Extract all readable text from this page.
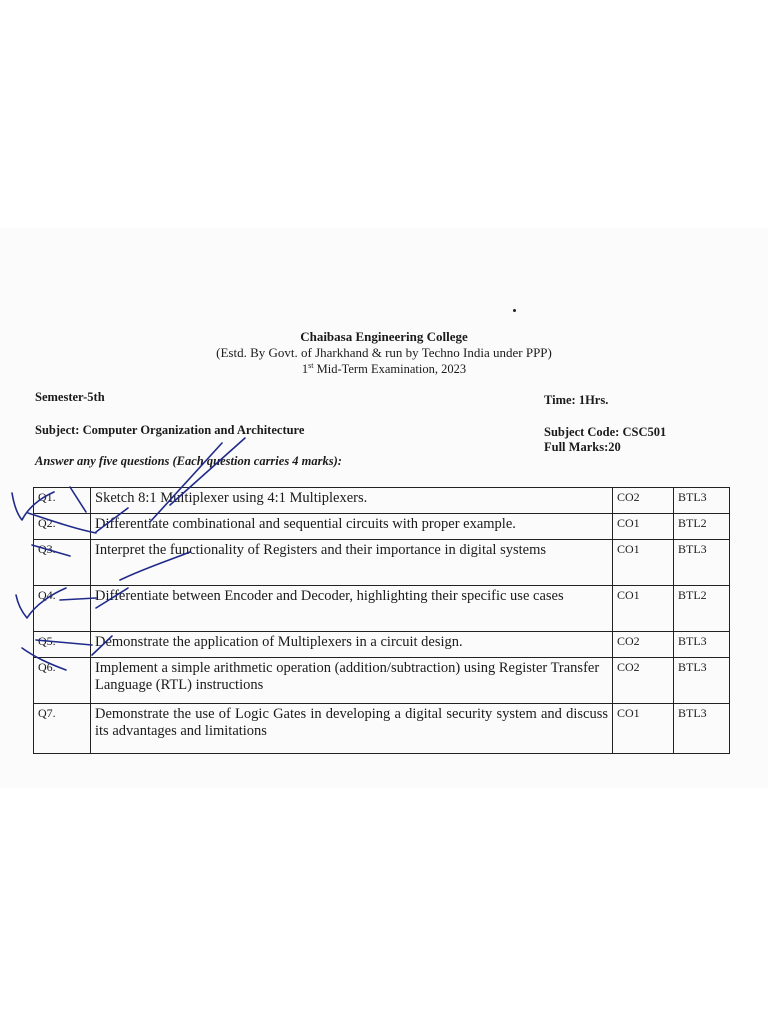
Chaibasa Engineering College
(Estd. By Govt. of Jharkhand & run by Techno India under PPP)
1st Mid-Term Examination, 2023
Semester-5th	Time: 1Hrs.
Subject: Computer Organization and Architecture	Subject Code: CSC501
Full Marks:20
Answer any five questions (Each question carries 4 marks):
Q1.	Sketch 8:1 Multiplexer using 4:1 Multiplexers.	CO2	BTL3
Q2.	Differentiate combinational and sequential circuits with proper example.	CO1	BTL2
Q3.	Interpret the functionality of Registers and their importance in digital systems	CO1	BTL3
Q4.	Differentiate between Encoder and Decoder, highlighting their specific use cases	CO1	BTL2
Q5.	Demonstrate the application of Multiplexers in a circuit design.	CO2	BTL3
Q6.	Implement a simple arithmetic operation (addition/subtraction) using Register Transfer Language (RTL) instructions	CO2	BTL3
Q7.	Demonstrate the use of Logic Gates in developing a digital security system and discuss its advantages and limitations	CO1	BTL3
